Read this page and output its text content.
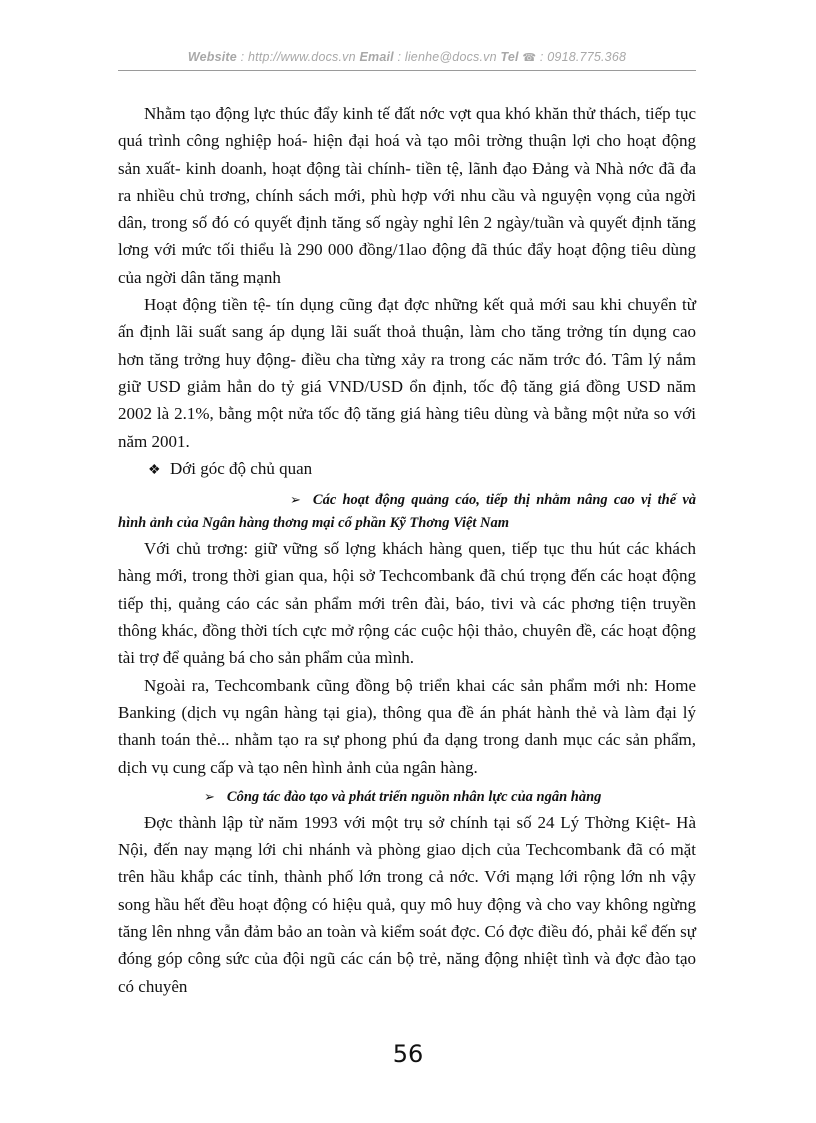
Website : http://www.docs.vn Email : lienhe@docs.vn Tel ☎ : 0918.775.368

Nhằm tạo động lực thúc đẩy kinh tế đất nớc vợt qua khó khăn thử thách, tiếp tục quá trình công nghiệp hoá- hiện đại hoá và tạo môi trờng thuận lợi cho hoạt động sản xuất- kinh doanh, hoạt động tài chính- tiền tệ, lãnh đạo Đảng và Nhà nớc đã đa ra nhiều chủ trơng, chính sách mới, phù hợp với nhu cầu và nguyện vọng của ngời dân, trong số đó có quyết định tăng số ngày nghỉ lên 2 ngày/tuần và quyết định tăng lơng với mức tối thiểu là 290 000 đồng/1lao động đã thúc đẩy hoạt động tiêu dùng của ngời dân tăng mạnh

Hoạt động tiền tệ- tín dụng cũng đạt đợc những kết quả mới sau khi chuyển từ ấn định lãi suất sang áp dụng lãi suất thoả thuận, làm cho tăng trởng tín dụng cao hơn tăng trởng huy động- điều cha từng xảy ra trong các năm trớc đó. Tâm lý nắm giữ USD giảm hẳn do tỷ giá VND/USD ổn định, tốc độ tăng giá đồng USD năm 2002 là 2.1%, bằng một nửa tốc độ tăng giá hàng tiêu dùng và bằng một nửa so với năm 2001.

❖ Dới góc độ chủ quan

➢ Các hoạt động quảng cáo, tiếp thị nhằm nâng cao vị thế và hình ảnh của Ngân hàng thơng mại cổ phần Kỹ Thơng Việt Nam

Với chủ trơng: giữ vững số lợng khách hàng quen, tiếp tục thu hút các khách hàng mới, trong thời gian qua, hội sở Techcombank đã chú trọng đến các hoạt động tiếp thị, quảng cáo các sản phẩm mới trên đài, báo, tivi và các phơng tiện truyền thông khác, đồng thời tích cực mở rộng các cuộc hội thảo, chuyên đề, các hoạt động tài trợ để quảng bá cho sản phẩm của mình.

Ngoài ra, Techcombank cũng đồng bộ triển khai các sản phẩm mới nh: Home Banking (dịch vụ ngân hàng tại gia), thông qua đề án phát hành thẻ và làm đại lý thanh toán thẻ... nhằm tạo ra sự phong phú đa dạng trong danh mục các sản phẩm, dịch vụ cung cấp và tạo nên hình ảnh của ngân hàng.

➢ Công tác đào tạo và phát triển nguồn nhân lực của ngân hàng

Đợc thành lập từ năm 1993 với một trụ sở chính tại số 24 Lý Thờng Kiệt- Hà Nội, đến nay mạng lới chi nhánh và phòng giao dịch của Techcombank đã có mặt trên hầu khắp các tỉnh, thành phố lớn trong cả nớc. Với mạng lới rộng lớn nh vậy song hầu hết đều hoạt động có hiệu quả, quy mô huy động và cho vay không ngừng tăng lên nhng vẫn đảm bảo an toàn và kiểm soát đợc. Có đợc điều đó, phải kể đến sự đóng góp công sức của đội ngũ các cán bộ trẻ, năng động nhiệt tình và đợc đào tạo có chuyên

56
